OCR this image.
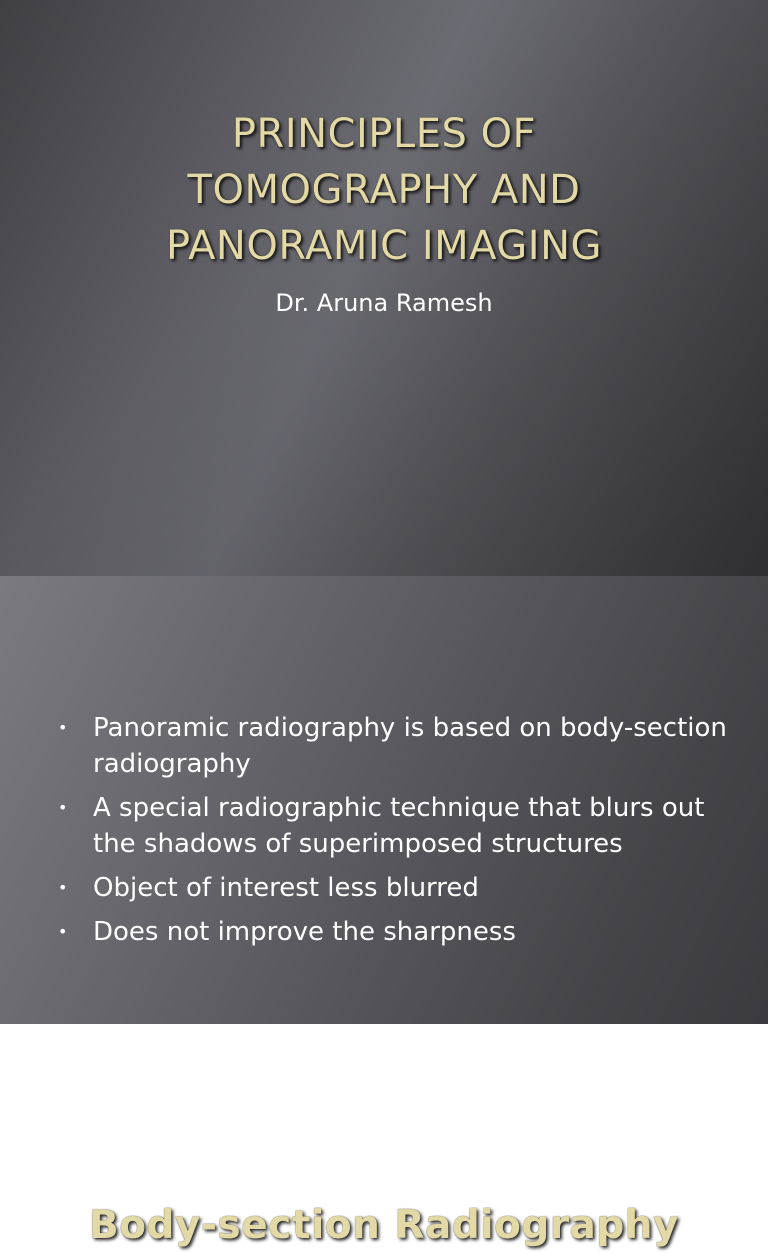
PRINCIPLES OF
TOMOGRAPHY AND
PANORAMIC IMAGING
Dr. Aruna Ramesh
Body-section Radiography
• Panoramic radiography is based on body-section radiography
• A special radiographic technique that blurs out the shadows of superimposed structures
• Object of interest less blurred
• Does not improve the sharpness
